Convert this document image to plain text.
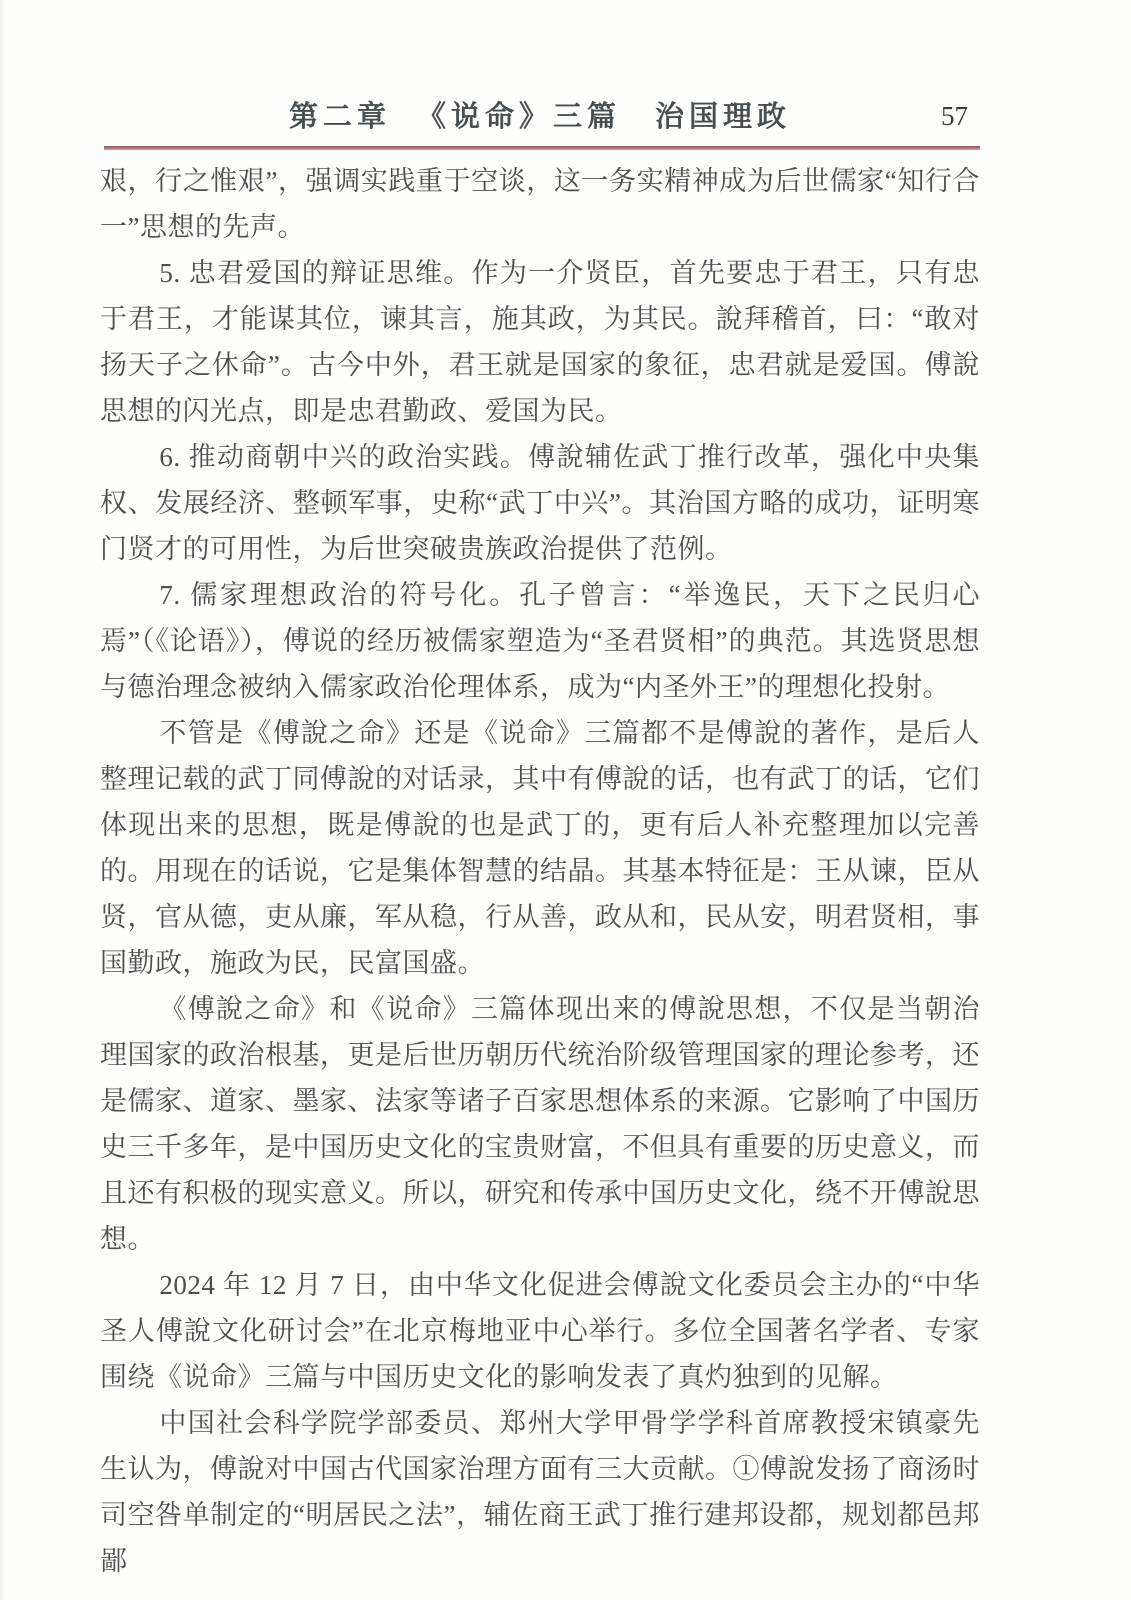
第二章 《说命》三篇　治国理政	57

艰，行之惟艰”，强调实践重于空谈，这一务实精神成为后世儒家“知行合一”思想的先声。

5. 忠君爱国的辩证思维。作为一介贤臣，首先要忠于君王，只有忠于君王，才能谋其位，谏其言，施其政，为其民。說拜稽首，曰：“敢对扬天子之休命”。古今中外，君王就是国家的象征，忠君就是爱国。傅說思想的闪光点，即是忠君勤政、爱国为民。

6. 推动商朝中兴的政治实践。傅說辅佐武丁推行改革，强化中央集权、发展经济、整顿军事，史称“武丁中兴”。其治国方略的成功，证明寒门贤才的可用性，为后世突破贵族政治提供了范例。

7. 儒家理想政治的符号化。孔子曾言：“举逸民，天下之民归心焉”（《论语》），傅说的经历被儒家塑造为“圣君贤相”的典范。其选贤思想与德治理念被纳入儒家政治伦理体系，成为“内圣外王”的理想化投射。

不管是《傅說之命》还是《说命》三篇都不是傅說的著作，是后人整理记载的武丁同傅說的对话录，其中有傅說的话，也有武丁的话，它们体现出来的思想，既是傅說的也是武丁的，更有后人补充整理加以完善的。用现在的话说，它是集体智慧的结晶。其基本特征是：王从谏，臣从贤，官从德，吏从廉，军从稳，行从善，政从和，民从安，明君贤相，事国勤政，施政为民，民富国盛。

《傅說之命》和《说命》三篇体现出来的傅說思想，不仅是当朝治理国家的政治根基，更是后世历朝历代统治阶级管理国家的理论参考，还是儒家、道家、墨家、法家等诸子百家思想体系的来源。它影响了中国历史三千多年，是中国历史文化的宝贵财富，不但具有重要的历史意义，而且还有积极的现实意义。所以，研究和传承中国历史文化，绕不开傅說思想。

2024 年 12 月 7 日，由中华文化促进会傅說文化委员会主办的“中华圣人傅說文化研讨会”在北京梅地亚中心举行。多位全国著名学者、专家围绕《说命》三篇与中国历史文化的影响发表了真灼独到的见解。

中国社会科学院学部委员、郑州大学甲骨学学科首席教授宋镇豪先生认为，傅說对中国古代国家治理方面有三大贡献。①傅說发扬了商汤时司空咎单制定的“明居民之法”，辅佐商王武丁推行建邦设都，规划都邑邦鄙
